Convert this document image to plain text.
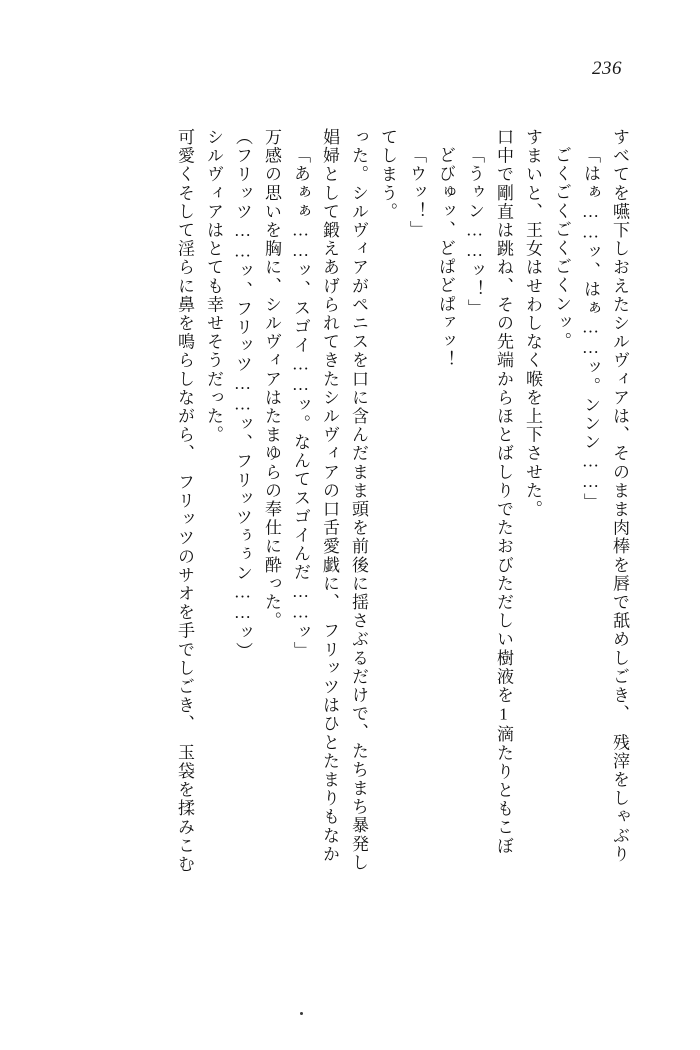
236
可愛くそして淫らに鼻を鳴らしながら、　フリッツのサオを手でしごき、　玉袋を揉みこむ シルヴィアはとても幸せそうだった。 （フリッツ……ッ、フリッツ……ッ、フリッツぅぅン……ッ） 万感の思いを胸に、シルヴィアはたまゆらの奉仕に酔った。 「あぁぁ……ッ、スゴイ……ッ。なんてスゴイんだ……ッ」 娼婦として鍛えあげられてきたシルヴィアの口舌愛戯に、　フリッツはひとたまりもなか った。シルヴィアがペニスを口に含んだまま頭を前後に揺さぶるだけで、たちまち暴発し てしまう。 「ウッ！」 どびゅッ、どぱどぱァッ！ 「うゥン……ッ！」 口中で剛直は跳ね、その先端からほとばしりでたおびただしい樹液を1滴たりともこぼ すまいと、王女はせわしなく喉を上下させた。 ごくごくごくごくンッ。 「はぁ……ッ、はぁ……ッ。ンンン……」 すべてを嚥下しおえたシルヴィアは、そのまま肉棒を唇で舐めしごき、　残滓をしゃぶり
